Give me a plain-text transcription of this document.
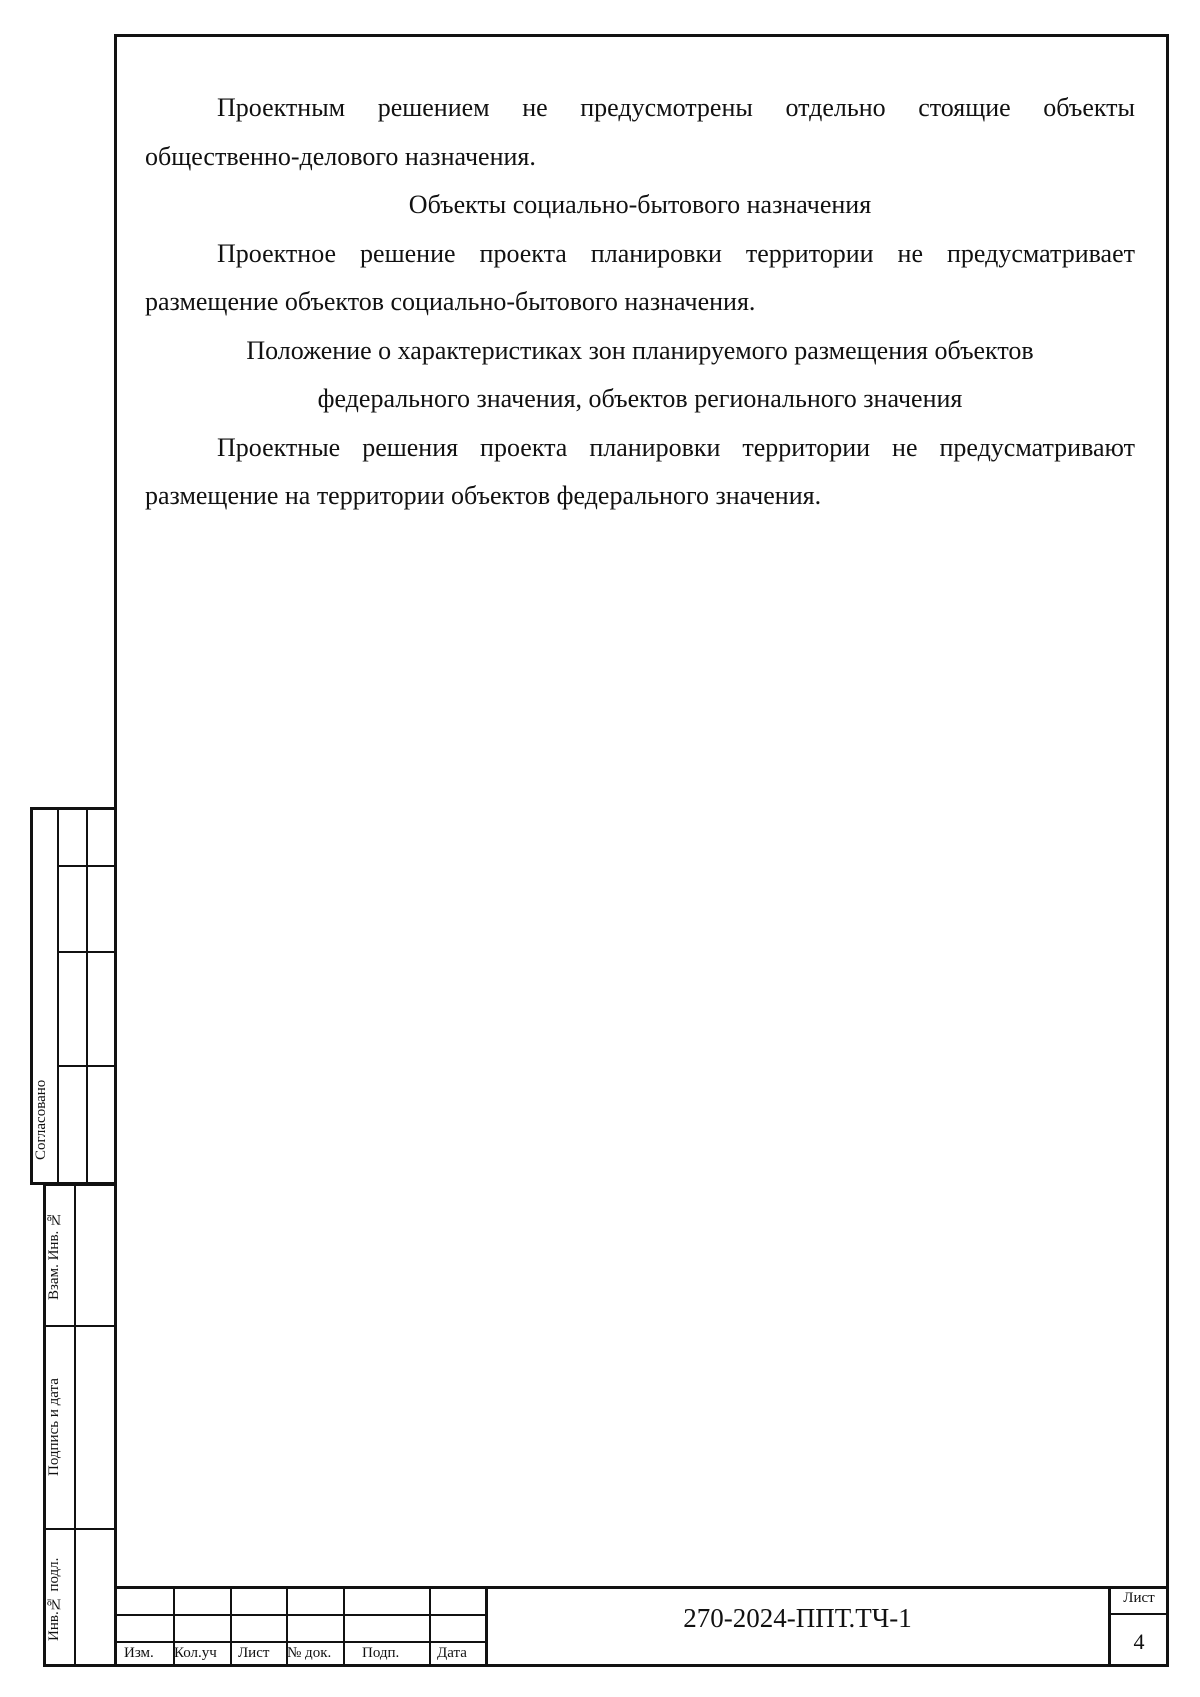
Проектным решением не предусмотрены отдельно стоящие объекты общественно-делового назначения.

Объекты социально-бытового назначения

Проектное решение проекта планировки территории не предусматривает размещение объектов социально-бытового назначения.

Положение о характеристиках зон планируемого размещения объектов

федерального значения, объектов регионального значения

Проектные решения проекта планировки территории не предусматривают размещение на территории объектов федерального значения.

Согласовано
Взам. Инв. №
Подпись и дата
Инв.№ подл.
Изм. Кол.уч Лист № док. Подп.	Дата
270-2024-ППТ.ТЧ-1
Лист
4
